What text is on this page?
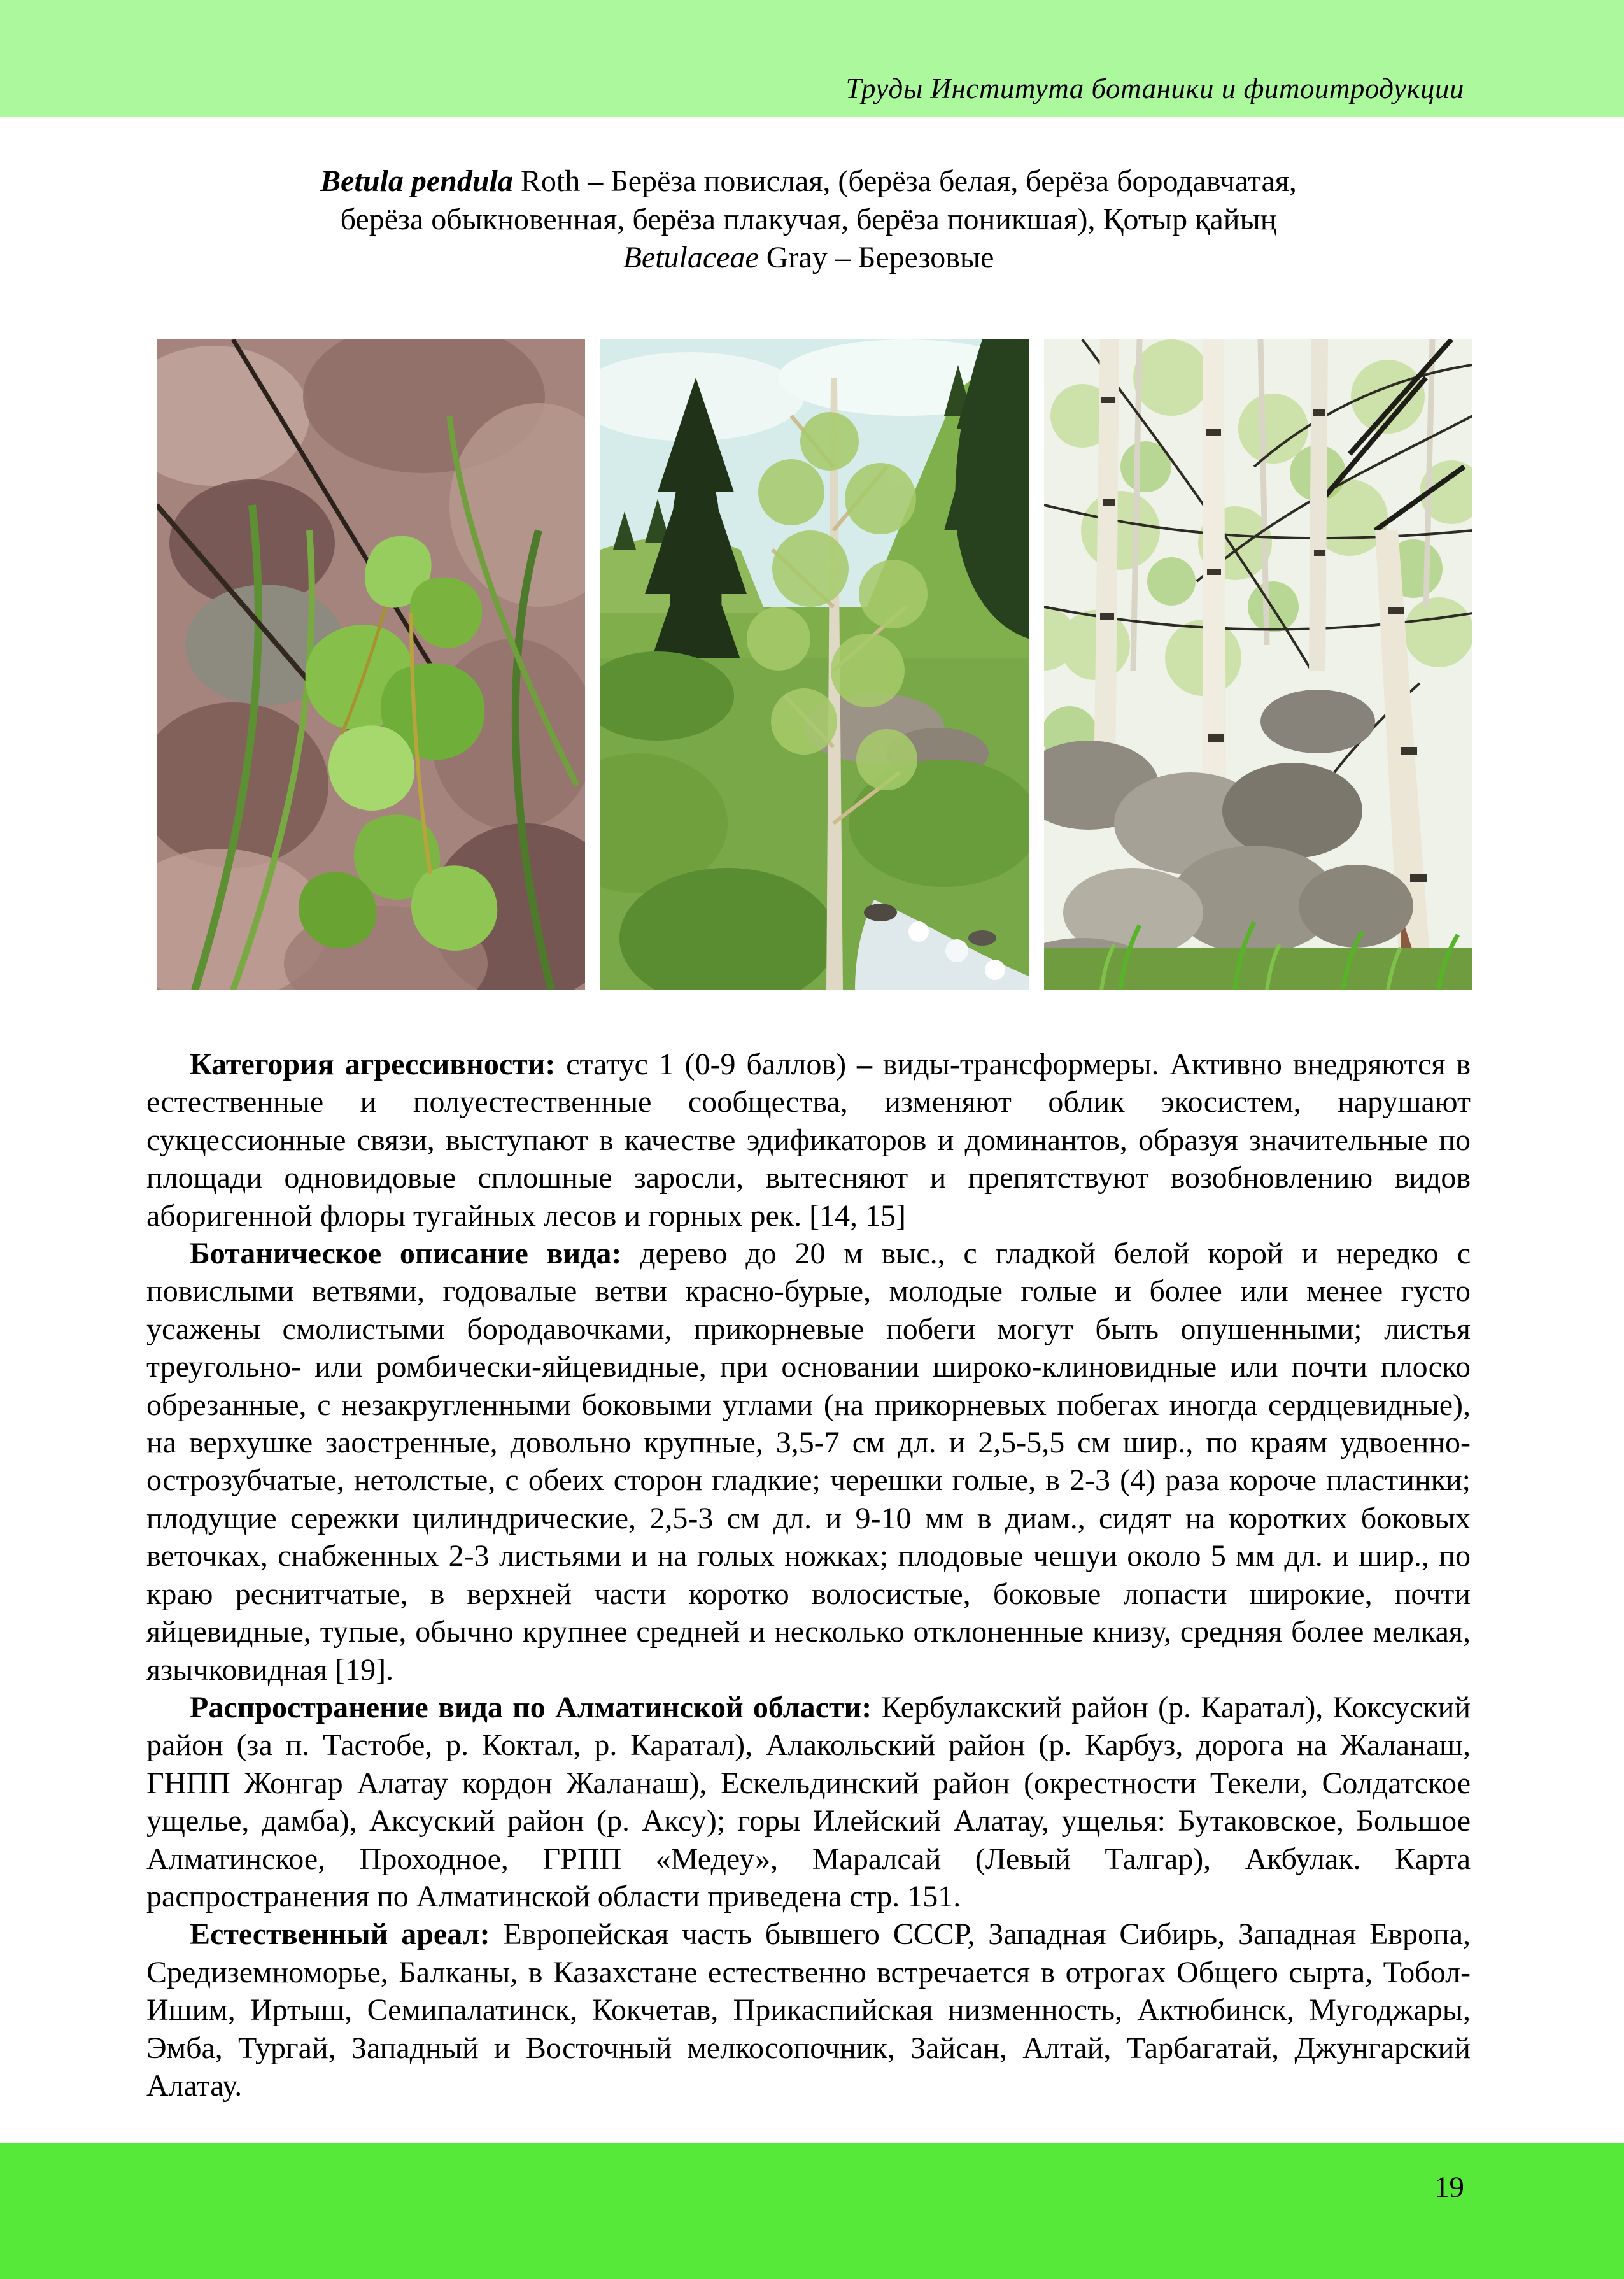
Труды Института ботаники и фитоитродукции
Betula pendula Roth – Берёза повислая, (берёза белая, берёза бородавчатая,
берёза обыкновенная, берёза плакучая, берёза поникшая), Қотыр қайың
Betulaceae Gray – Березовые

Категория агрессивности: статус 1 (0-9 баллов) – виды-трансформеры. Активно внедряются в естественные и полуестественные сообщества, изменяют облик экосистем, нарушают сукцессионные связи, выступают в качестве эдификаторов и доминантов, образуя значительные по площади одновидовые сплошные заросли, вытесняют и препятствуют возобновлению видов аборигенной флоры тугайных лесов и горных рек. [14, 15]

Ботаническое описание вида: дерево до 20 м выс., с гладкой белой корой и нередко с повислыми ветвями, годовалые ветви красно-бурые, молодые голые и более или менее густо усажены смолистыми бородавочками, прикорневые побеги могут быть опушенными; листья треугольно- или ромбически-яйцевидные, при основании широко-клиновидные или почти плоско обрезанные, с незакругленными боковыми углами (на прикорневых побегах иногда сердцевидные), на верхушке заостренные, довольно крупные, 3,5-7 см дл. и 2,5-5,5 см шир., по краям удвоенно-острозубчатые, нетолстые, с обеих сторон гладкие; черешки голые, в 2-3 (4) раза короче пластинки; плодущие сережки цилиндрические, 2,5-3 см дл. и 9-10 мм в диам., сидят на коротких боковых веточках, снабженных 2-3 листьями и на голых ножках; плодовые чешуи около 5 мм дл. и шир., по краю реснитчатые, в верхней части коротко волосистые, боковые лопасти широкие, почти яйцевидные, тупые, обычно крупнее средней и несколько отклоненные книзу, средняя более мелкая, язычковидная [19].

Распространение вида по Алматинской области: Кербулакский район (р. Каратал), Коксуский район (за п. Тастобе, р. Коктал, р. Каратал), Алакольский район (р. Карбуз, дорога на Жаланаш, ГНПП Жонгар Алатау кордон Жаланаш), Ескельдинский район (окрестности Текели, Солдатское ущелье, дамба), Аксуский район (р. Аксу); горы Илейский Алатау, ущелья: Бутаковское, Большое Алматинское, Проходное, ГРПП «Медеу», Маралсай (Левый Талгар), Акбулак. Карта распространения по Алматинской области приведена стр. 151.

Естественный ареал: Европейская часть бывшего СССР, Западная Сибирь, Западная Европа, Средиземноморье, Балканы, в Казахстане естественно встречается в отрогах Общего сырта, Тобол-Ишим, Иртыш, Семипалатинск, Кокчетав, Прикаспийская низменность, Актюбинск, Мугоджары, Эмба, Тургай, Западный и Восточный мелкосопочник, Зайсан, Алтай, Тарбагатай, Джунгарский Алатау.

19
